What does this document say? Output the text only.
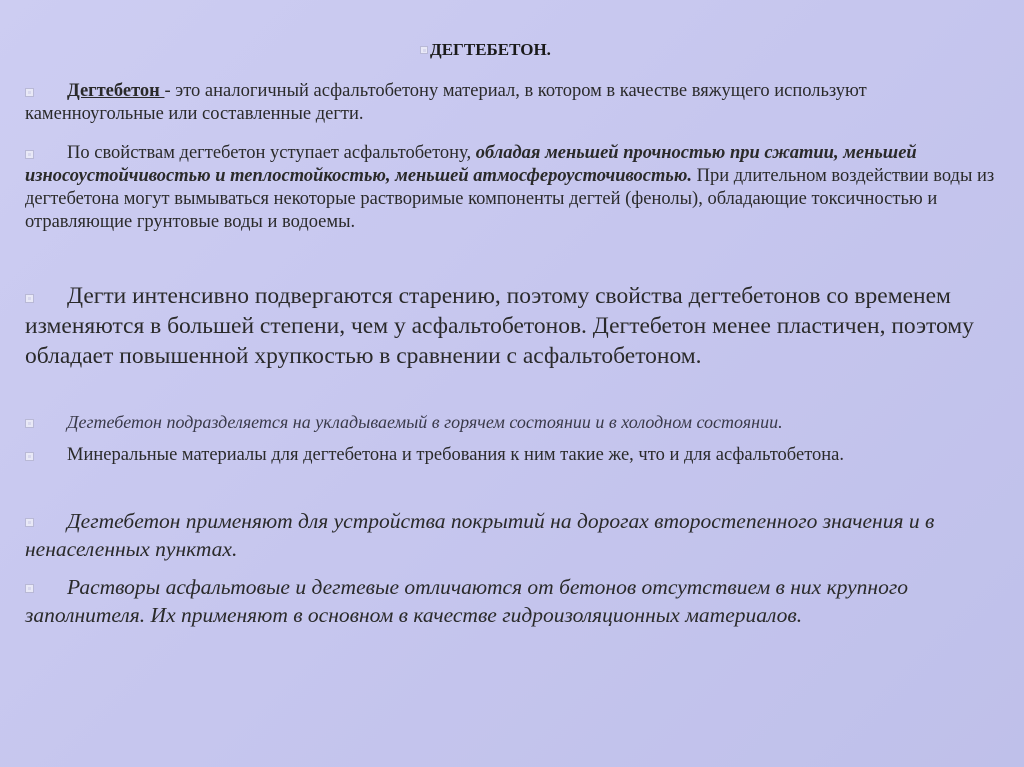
ДЕГТЕБЕТОН.
Дегтебетон - это аналогичный асфальтобетону материал, в котором в качестве вяжущего используют каменноугольные или составленные дегти.
По свойствам дегтебетон уступает асфальтобетону, обладая меньшей прочностью при сжатии, меньшей износоустойчивостью и теплостойкостью, меньшей атмосфероусточивостью. При длительном воздействии воды из дегтебетона могут вымываться некоторые растворимые компоненты дегтей (фенолы), обладающие токсичностью и отравляющие грунтовые воды и водоемы.
Дегти интенсивно подвергаются старению, поэтому свойства дегтебетонов со временем изменяются в большей степени, чем у асфальтобетонов. Дегтебетон менее пластичен, поэтому обладает повышенной хрупкостью в сравнении с асфальтобетоном.
Дегтебетон подразделяется на укладываемый в горячем состоянии и в холодном состоянии.
Минеральные материалы для дегтебетона и требования к ним такие же, что и для асфальтобетона.
Дегтебетон применяют для устройства покрытий на дорогах второстепенного значения и в ненаселенных пунктах.
Растворы асфальтовые и дегтевые отличаются от бетонов отсутствием в них крупного заполнителя. Их применяют в основном в качестве гидроизоляционных материалов.
